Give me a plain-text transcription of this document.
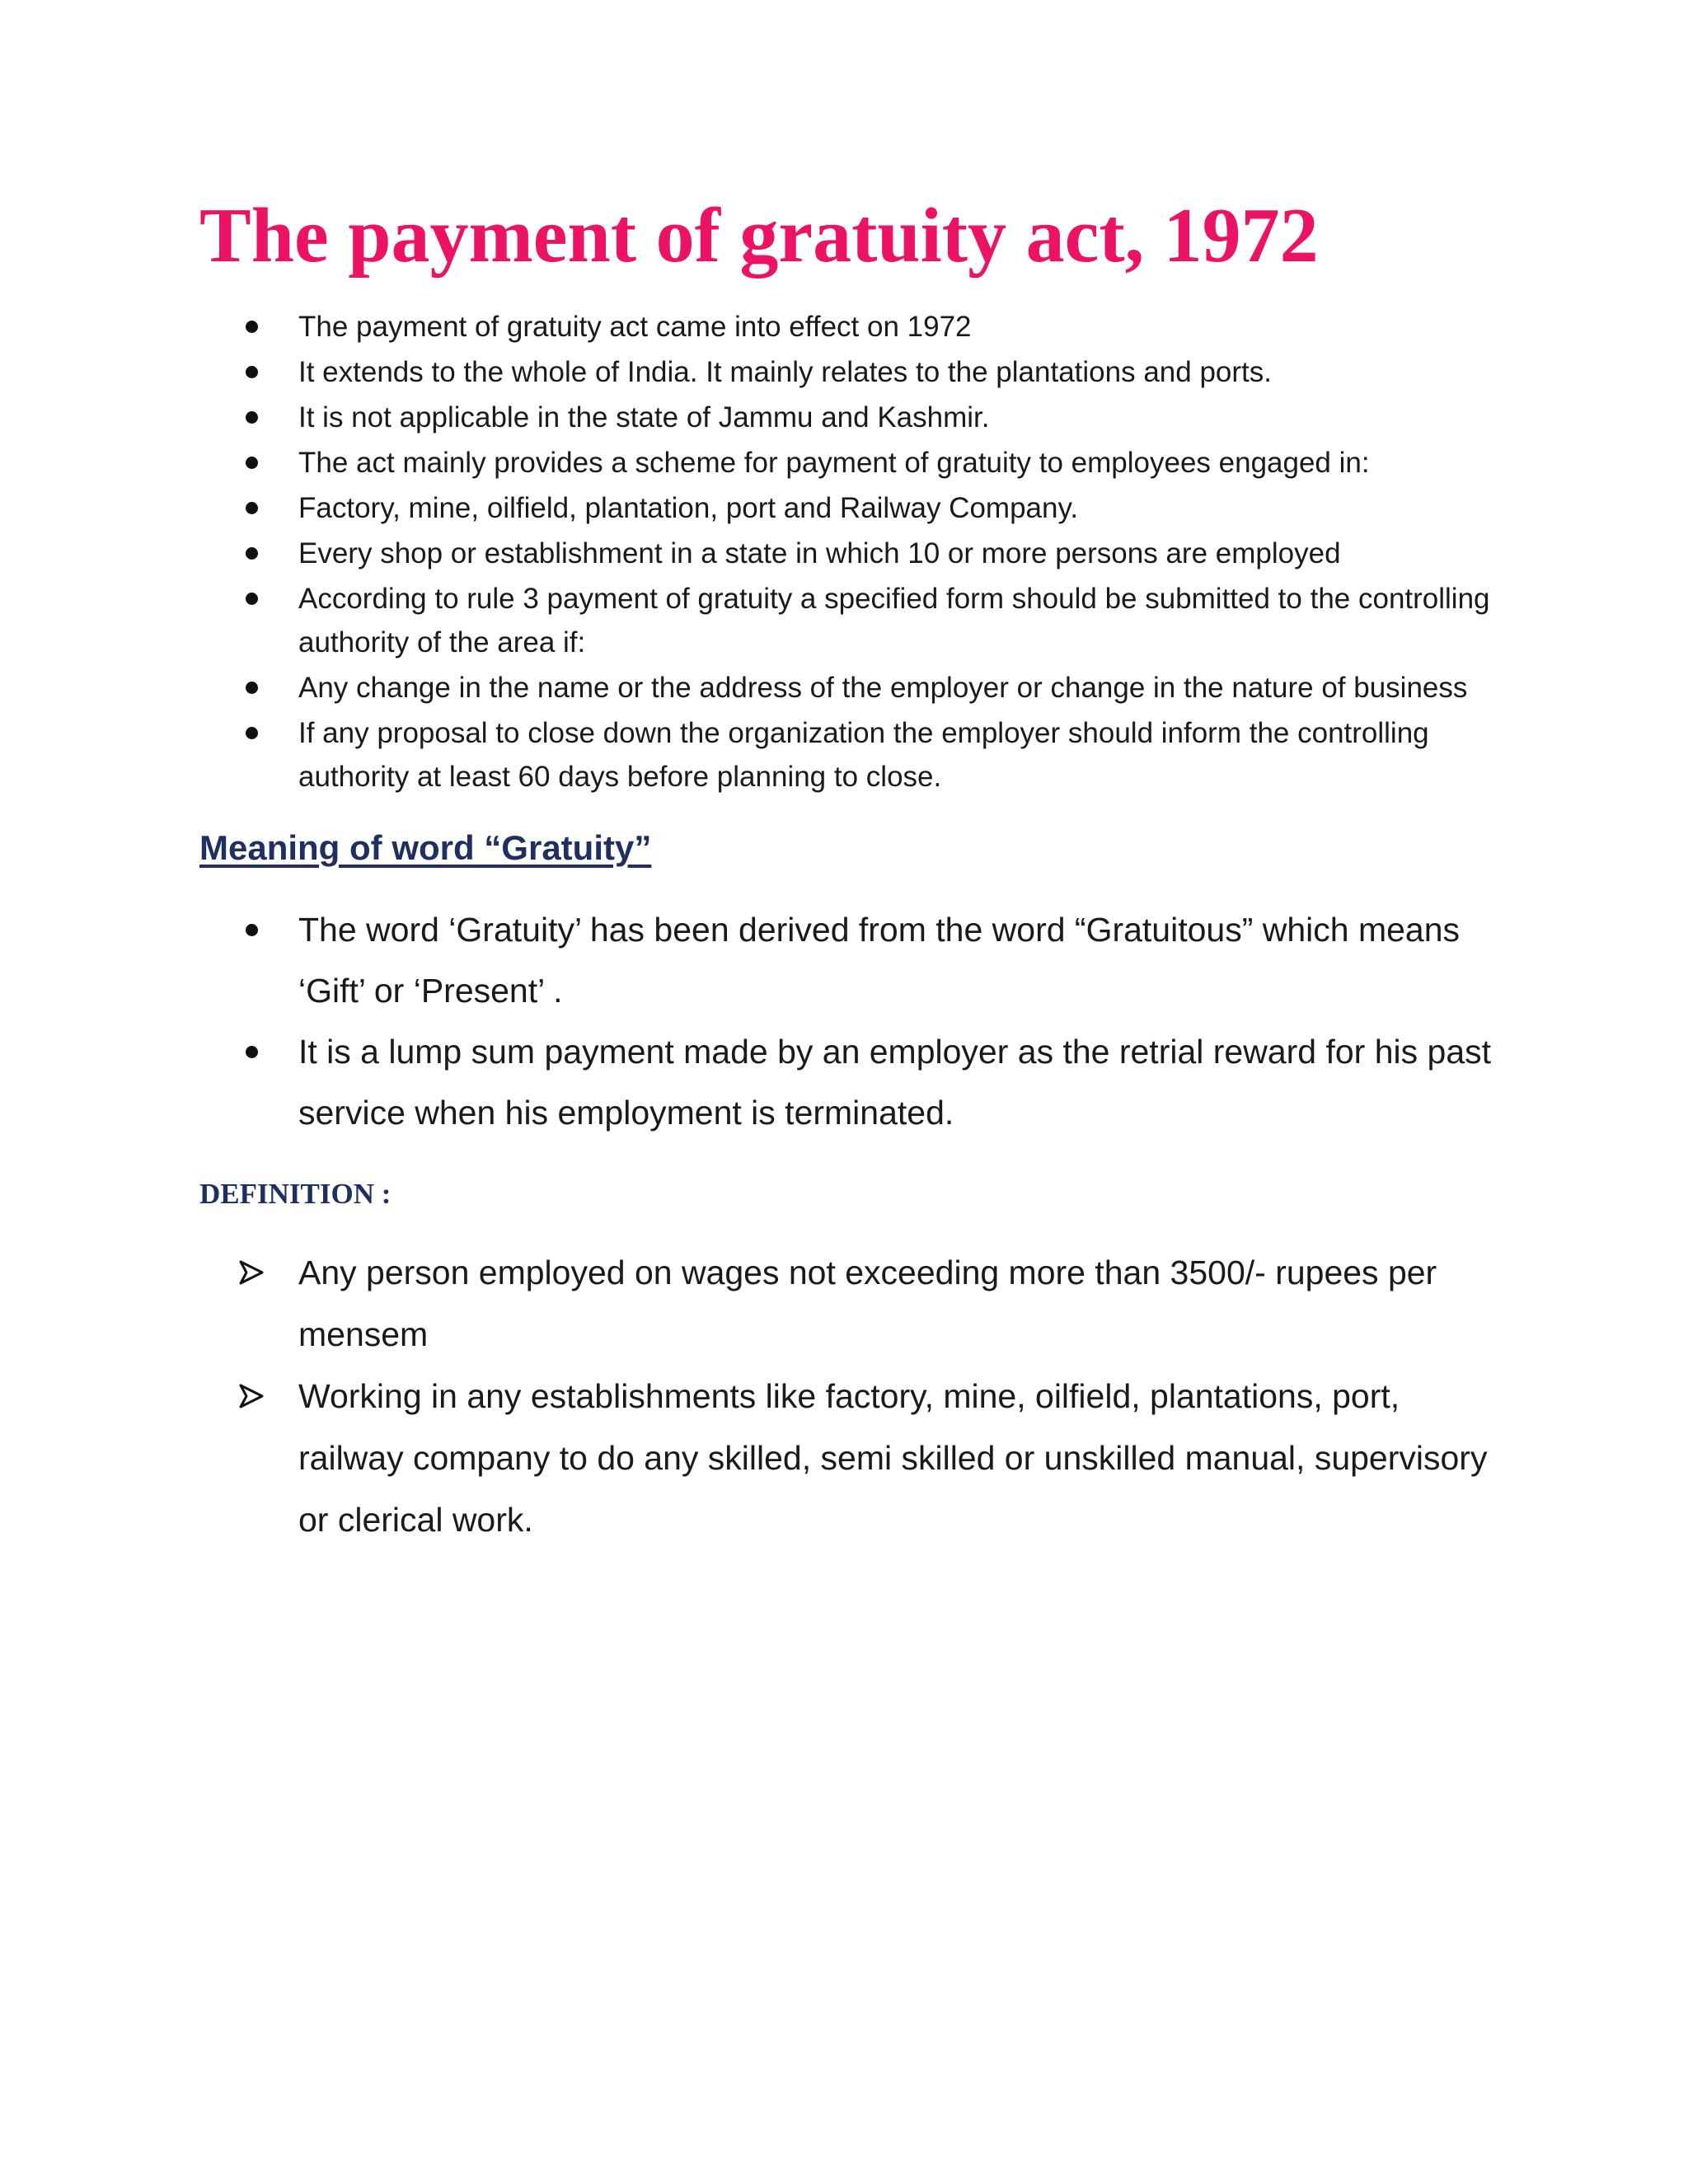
The payment of gratuity act, 1972
The payment of gratuity act came into effect on 1972
It extends to the whole of India. It mainly relates to the plantations and ports.
It is not applicable in the state of Jammu and Kashmir.
The act mainly provides a scheme for payment of gratuity to employees engaged in:
Factory, mine, oilfield, plantation, port and Railway Company.
Every shop or establishment in a state in which 10 or more persons are employed
According to rule 3 payment of gratuity a specified form should be submitted to the controlling authority of the area if:
Any change in the name or the address of the employer or change in the nature of business
If any proposal to close down the organization the employer should inform the controlling authority at least 60 days before planning to close.
Meaning of word “Gratuity”
The word ‘Gratuity’ has been derived from the word “Gratuitous” which means ‘Gift’ or ‘Present’ .
It is a lump sum payment made by an employer as the retrial reward for his past service when his employment is terminated.
DEFINITION :
Any person employed on wages not exceeding more than 3500/- rupees per mensem
Working in any establishments like factory, mine, oilfield, plantations, port, railway company to do any skilled, semi skilled or unskilled manual, supervisory or clerical work.
